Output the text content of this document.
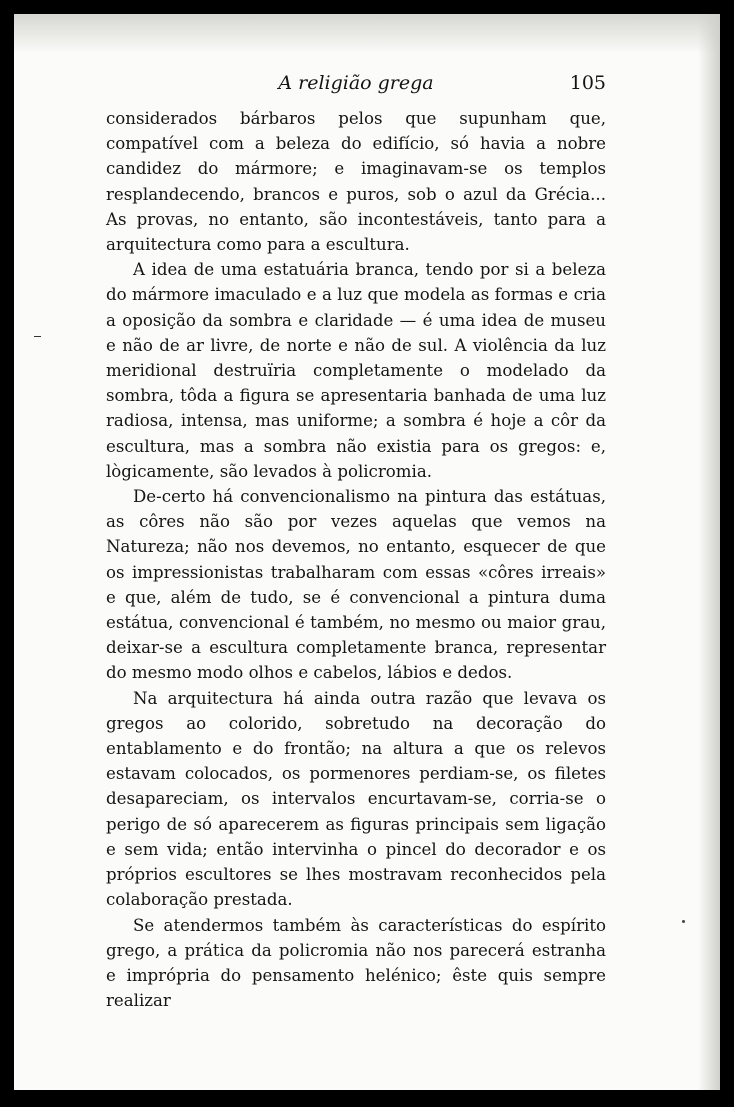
A religião grega	105

considerados bárbaros pelos que supunham que, compatível com a beleza do edifício, só havia a nobre candidez do mármore; e imaginavam-se os templos resplandecendo, brancos e puros, sob o azul da Grécia... As provas, no entanto, são incontestáveis, tanto para a arquitectura como para a escultura.

A idea de uma estatuária branca, tendo por si a beleza do mármore imaculado e a luz que modela as formas e cria a oposição da sombra e claridade — é uma idea de museu e não de ar livre, de norte e não de sul. A violência da luz meridional destruïria completamente o modelado da sombra, tôda a figura se apresentaria banhada de uma luz radiosa, intensa, mas uniforme; a sombra é hoje a côr da escultura, mas a sombra não existia para os gregos: e, lògicamente, são levados à policromia.

De-certo há convencionalismo na pintura das estátuas, as côres não são por vezes aquelas que vemos na Natureza; não nos devemos, no entanto, esquecer de que os impressionistas trabalharam com essas «côres irreais» e que, além de tudo, se é convencional a pintura duma estátua, convencional é também, no mesmo ou maior grau, deixar-se a escultura completamente branca, representar do mesmo modo olhos e cabelos, lábios e dedos.

Na arquitectura há ainda outra razão que levava os gregos ao colorido, sobretudo na decoração do entablamento e do frontão; na altura a que os relevos estavam colocados, os pormenores perdiam-se, os filetes desapareciam, os intervalos encurtavam-se, corria-se o perigo de só aparecerem as figuras principais sem ligação e sem vida; então intervinha o pincel do decorador e os próprios escultores se lhes mostravam reconhecidos pela colaboração prestada.

Se atendermos também às características do espírito grego, a prática da policromia não nos parecerá estranha e imprópria do pensamento helénico; êste quis sempre realizar
